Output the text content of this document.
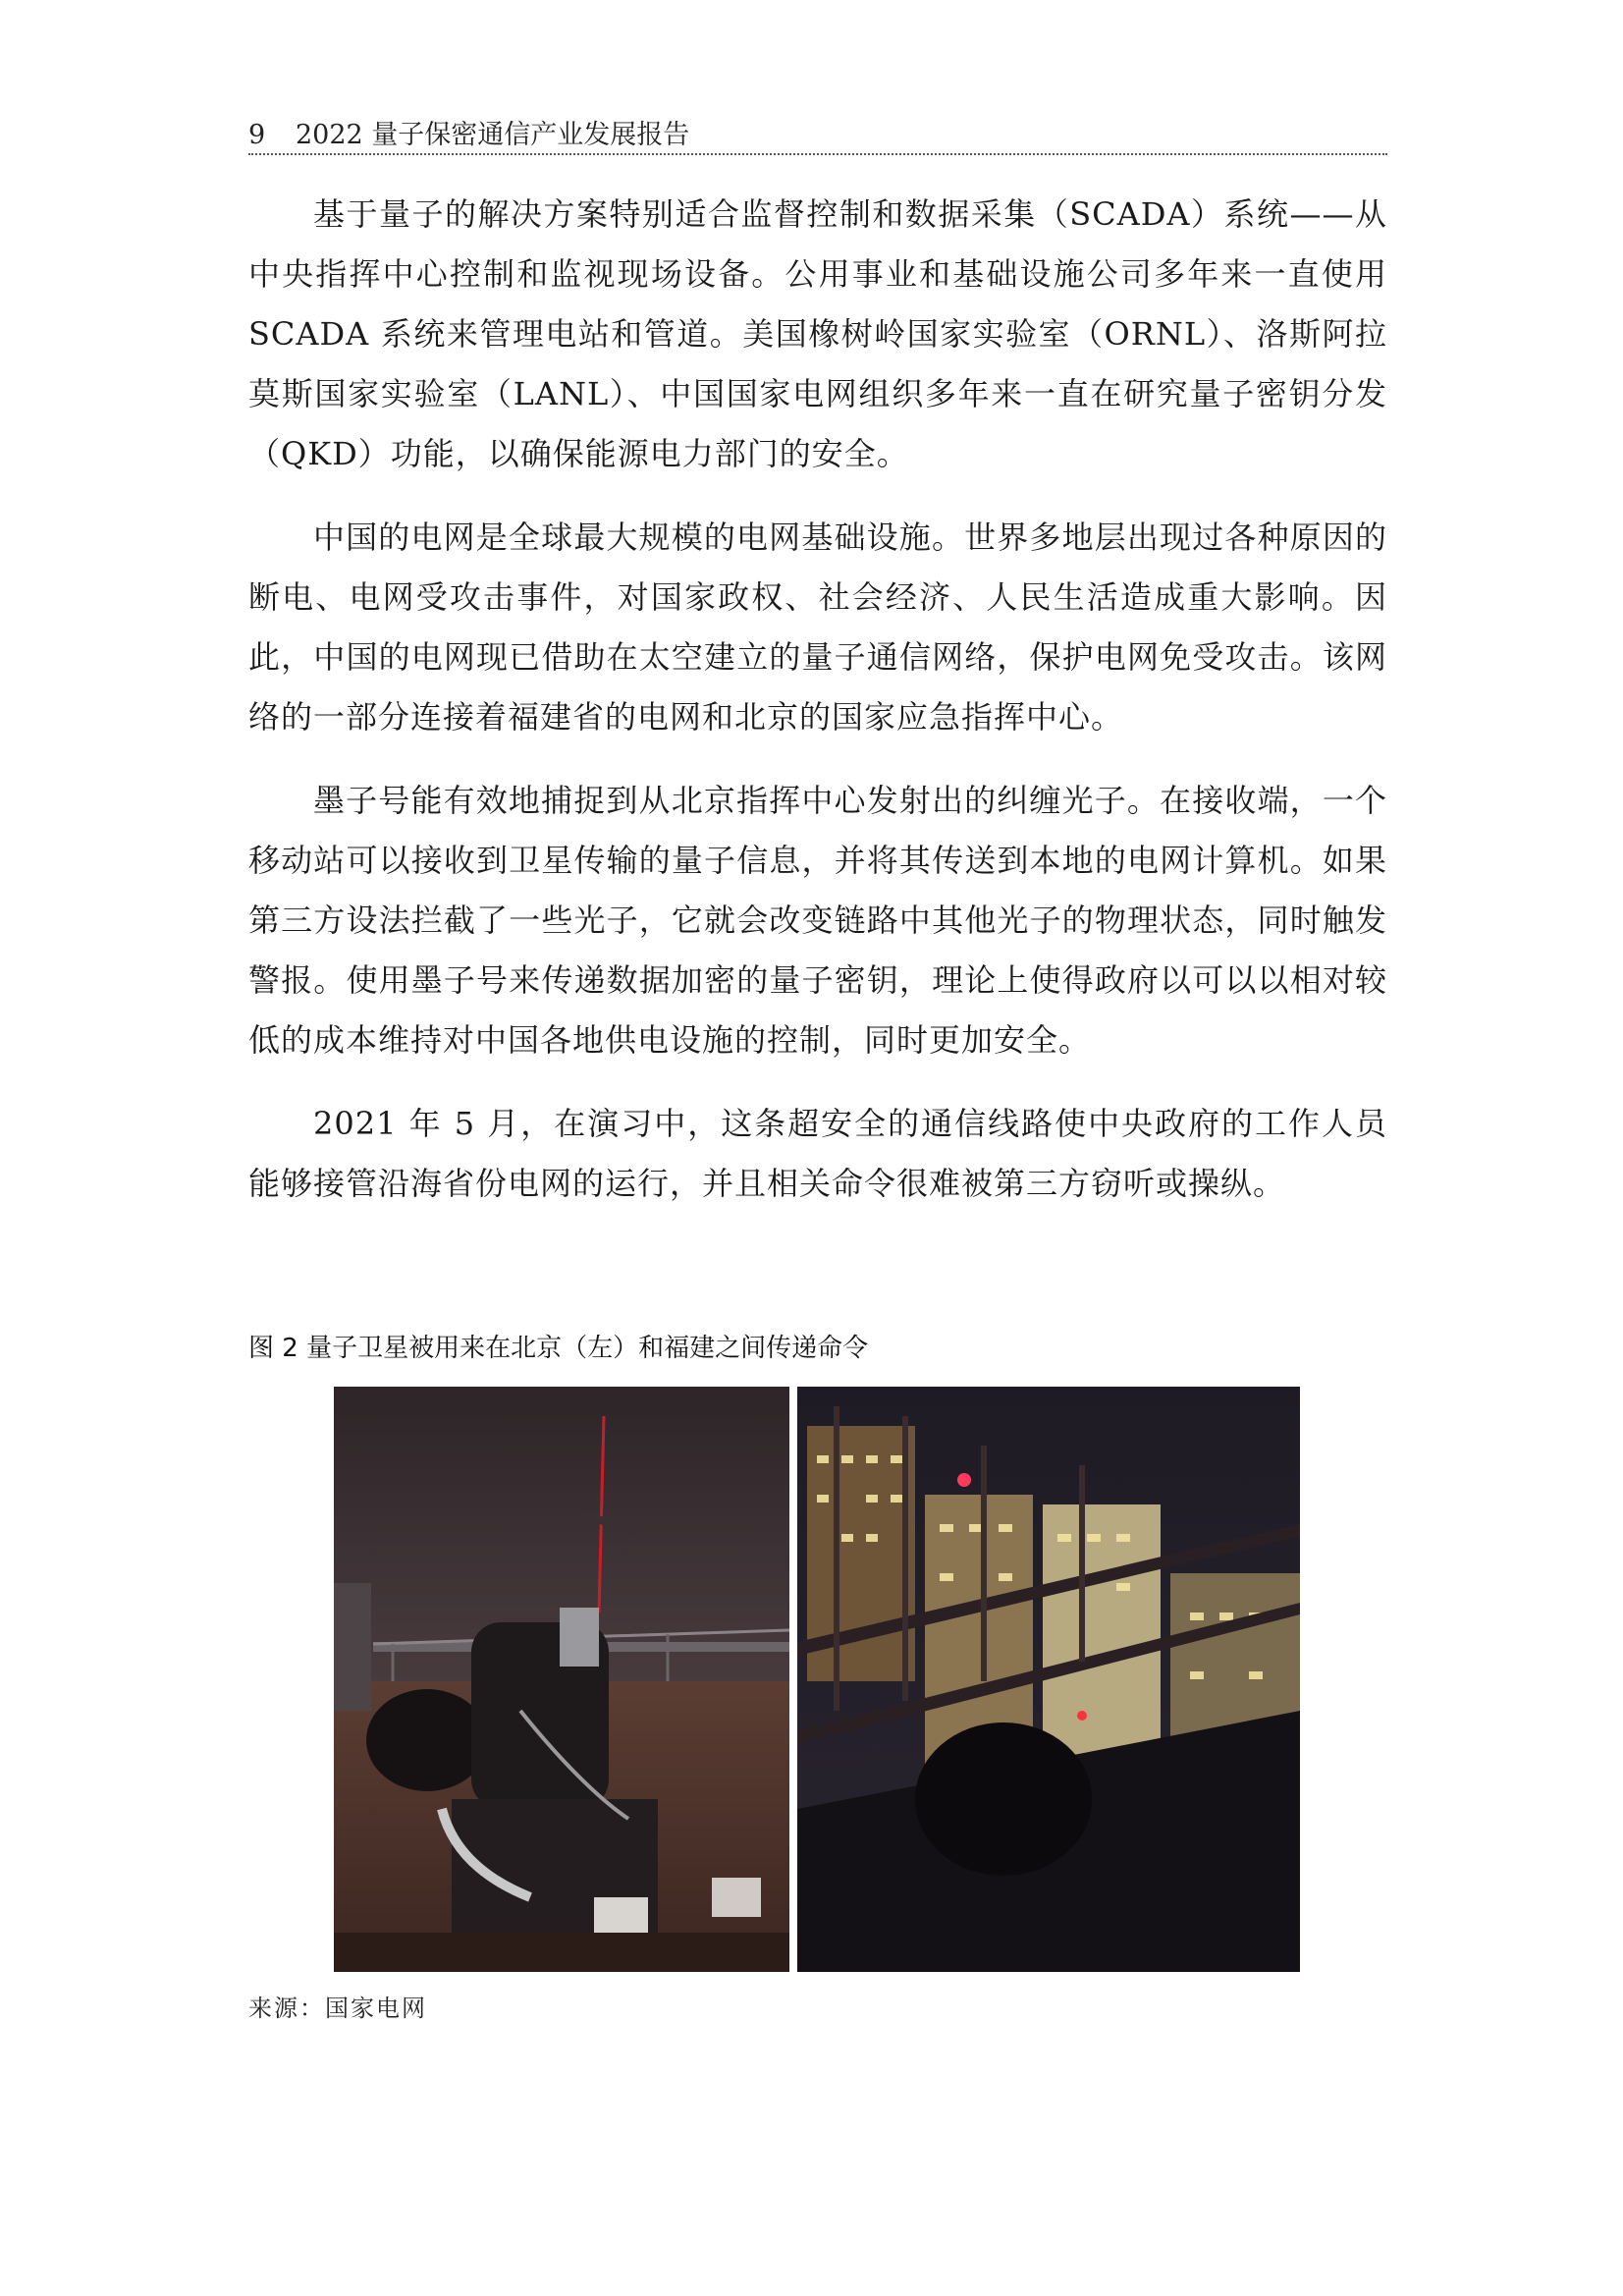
9 2022 量子保密通信产业发展报告

基于量子的解决方案特别适合监督控制和数据采集（SCADA）系统——从中央指挥中心控制和监视现场设备。公用事业和基础设施公司多年来一直使用 SCADA 系统来管理电站和管道。美国橡树岭国家实验室（ORNL）、洛斯阿拉莫斯国家实验室（LANL）、中国国家电网组织多年来一直在研究量子密钥分发（QKD）功能，以确保能源电力部门的安全。

中国的电网是全球最大规模的电网基础设施。世界多地层出现过各种原因的断电、电网受攻击事件，对国家政权、社会经济、人民生活造成重大影响。因此，中国的电网现已借助在太空建立的量子通信网络，保护电网免受攻击。该网络的一部分连接着福建省的电网和北京的国家应急指挥中心。

墨子号能有效地捕捉到从北京指挥中心发射出的纠缠光子。在接收端，一个移动站可以接收到卫星传输的量子信息，并将其传送到本地的电网计算机。如果第三方设法拦截了一些光子，它就会改变链路中其他光子的物理状态，同时触发警报。使用墨子号来传递数据加密的量子密钥，理论上使得政府以可以以相对较低的成本维持对中国各地供电设施的控制，同时更加安全。

2021 年 5 月，在演习中，这条超安全的通信线路使中央政府的工作人员能够接管沿海省份电网的运行，并且相关命令很难被第三方窃听或操纵。

图 2 量子卫星被用来在北京（左）和福建之间传递命令
来源：国家电网
